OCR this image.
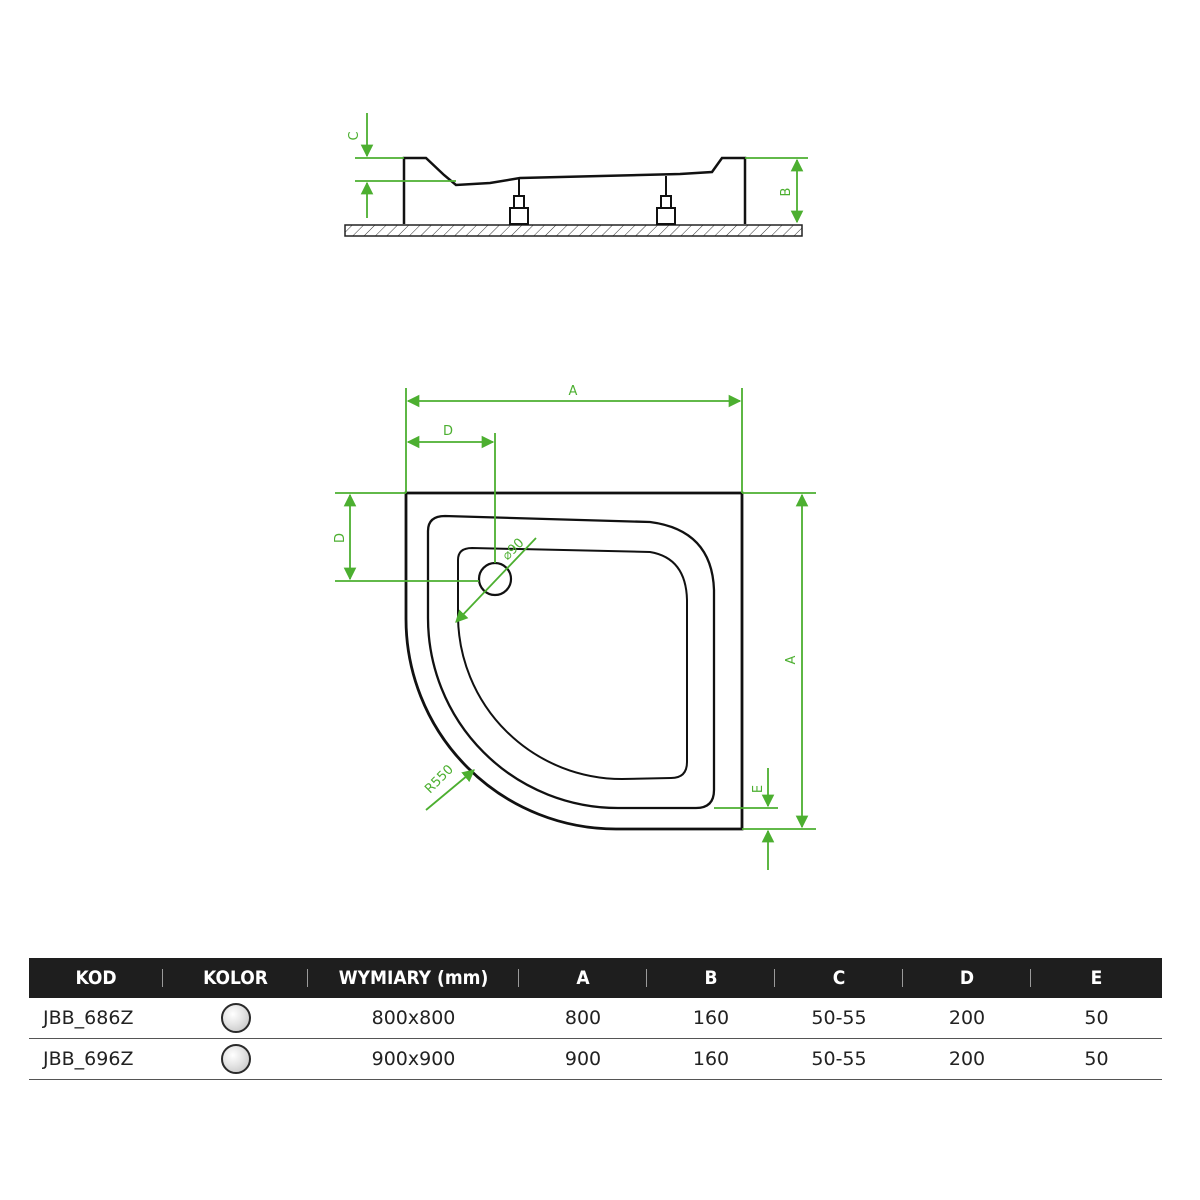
C
B
A
D
D
A
E
⌀90
R550
KOD	KOLOR	WYMIARY (mm)	A	B	C	D	E
JBB_686Z		800x800	800	160	50-55	200	50
JBB_696Z		900x900	900	160	50-55	200	50
